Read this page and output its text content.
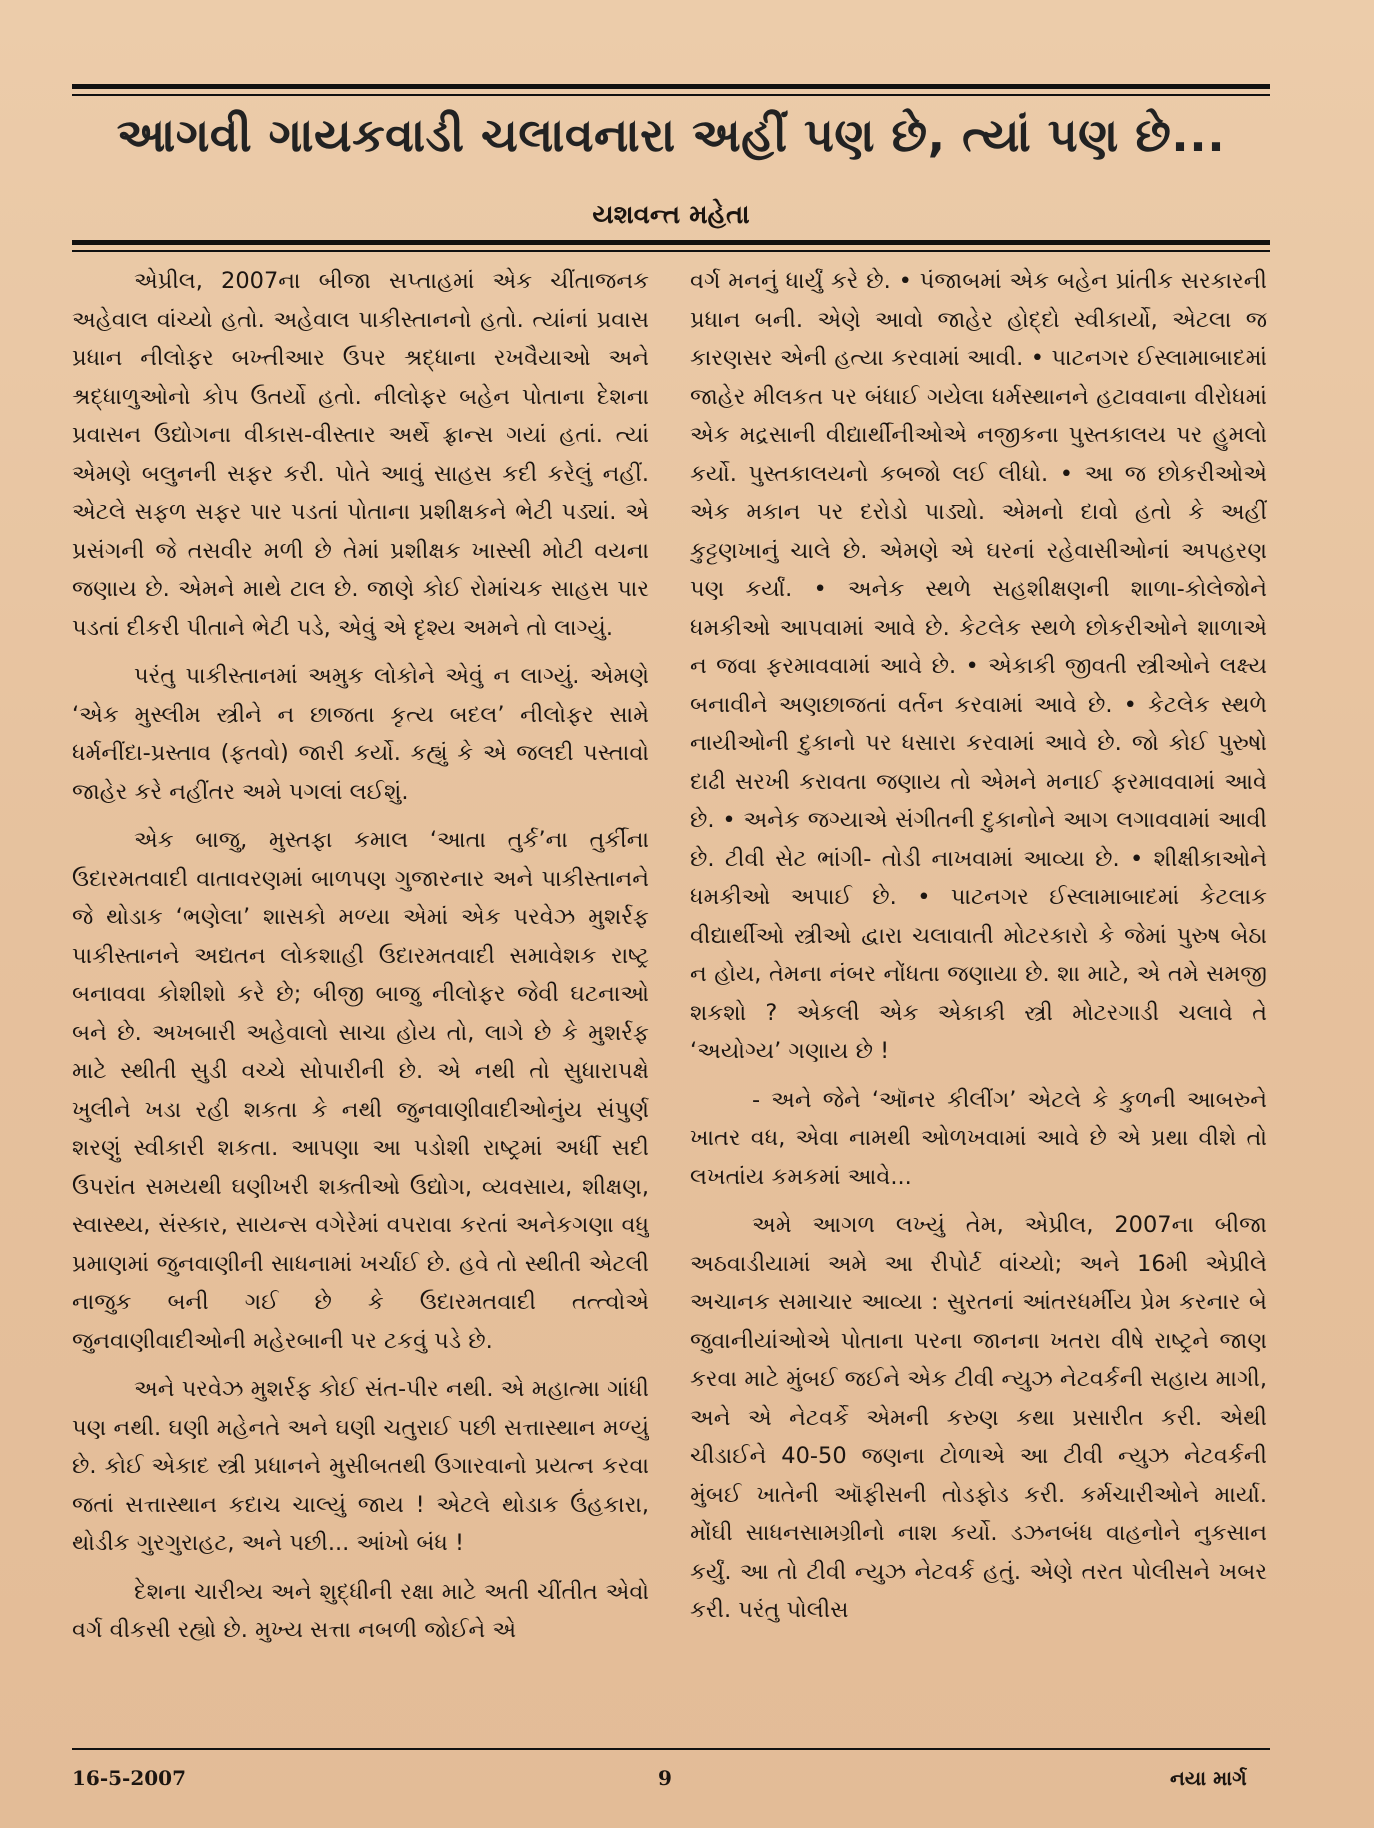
આગવી ગાયકવાડી ચલાવનારા અહીં પણ છે, ત્યાં પણ છે...

યશવન્ત મહેતા

એપ્રીલ, 2007ના બીજા સપ્તાહમાં એક ચીંતાજનક અહેવાલ વાંચ્યો હતો. અહેવાલ પાકીસ્તાનનો હતો. ત્યાંનાં પ્રવાસ પ્રધાન નીલોફર બખ્તીઆર ઉપર શ્રદ્ધાના રખવૈયાઓ અને શ્રદ્ધાળુઓનો કોપ ઉતર્યો હતો. નીલોફર બહેન પોતાના દેશના પ્રવાસન ઉદ્યોગના વીકાસ-વીસ્તાર અર્થે ફ્રાન્સ ગયાં હતાં. ત્યાં એમણે બલુનની સફર કરી. પોતે આવું સાહસ કદી કરેલું નહીં. એટલે સફળ સફર પાર પડતાં પોતાના પ્રશીક્ષકને ભેટી પડ્યાં. એ પ્રસંગની જે તસવીર મળી છે તેમાં પ્રશીક્ષક ખાસ્સી મોટી વયના જણાય છે. એમને માથે ટાલ છે. જાણે કોઈ રોમાંચક સાહસ પાર પડતાં દીકરી પીતાને ભેટી પડે, એવું એ દૃશ્ય અમને તો લાગ્યું.

પરંતુ પાકીસ્તાનમાં અમુક લોકોને એવું ન લાગ્યું. એમણે ‘એક મુસ્લીમ સ્ત્રીને ન છાજતા કૃત્ય બદલ’ નીલોફર સામે ધર્મનીંદા-પ્રસ્તાવ (ફતવો) જારી કર્યો. કહ્યું કે એ જલદી પસ્તાવો જાહેર કરે નહીંતર અમે પગલાં લઈશું.

એક બાજુ, મુસ્તફા કમાલ ‘આતા તુર્ક’ના તુર્કીના ઉદારમતવાદી વાતાવરણમાં બાળપણ ગુજારનાર અને પાકીસ્તાનને જે થોડાક ‘ભણેલા’ શાસકો મળ્યા એમાં એક પરવેઝ મુશર્રફ પાકીસ્તાનને અદ્યતન લોકશાહી ઉદારમતવાદી સમાવેશક રાષ્ટ્ર બનાવવા કોશીશો કરે છે; બીજી બાજુ નીલોફર જેવી ઘટનાઓ બને છે. અખબારી અહેવાલો સાચા હોય તો, લાગે છે કે મુશર્રફ માટે સ્થીતી સુડી વચ્ચે સોપારીની છે. એ નથી તો સુધારાપક્ષે ખુલીને ખડા રહી શકતા કે નથી જુનવાણીવાદીઓનુંય સંપુર્ણ શરણું સ્વીકારી શકતા. આપણા આ પડોશી રાષ્ટ્રમાં અર્ધી સદી ઉપરાંત સમયથી ઘણીખરી શક્તીઓ ઉદ્યોગ, વ્યવસાય, શીક્ષણ, સ્વાસ્થ્ય, સંસ્કાર, સાયન્સ વગેરેમાં વપરાવા કરતાં અનેકગણા વધુ પ્રમાણમાં જુનવાણીની સાધનામાં ખર્ચાઈ છે. હવે તો સ્થીતી એટલી નાજુક બની ગઈ છે કે ઉદારમતવાદી તત્ત્વોએ જુનવાણીવાદીઓની મહેરબાની પર ટકવું પડે છે.

અને પરવેઝ મુશર્રફ કોઈ સંત-પીર નથી. એ મહાત્મા ગાંધી પણ નથી. ઘણી મહેનતે અને ઘણી ચતુરાઈ પછી સત્તાસ્થાન મળ્યું છે. કોઈ એકાદ સ્ત્રી પ્રધાનને મુસીબતથી ઉગારવાનો પ્રયત્ન કરવા જતાં સત્તાસ્થાન કદાચ ચાલ્યું જાય ! એટલે થોડાક ઉંહકારા, થોડીક ગુરગુરાહટ, અને પછી... આંખો બંધ !

દેશના ચારીત્ર્ય અને શુદ્ધીની રક્ષા માટે અતી ચીંતીત એવો વર્ગ વીકસી રહ્યો છે. મુખ્ય સત્તા નબળી જોઈને એ

વર્ગ મનનું ધાર્યું કરે છે. • પંજાબમાં એક બહેન પ્રાંતીક સરકારની પ્રધાન બની. એણે આવો જાહેર હોદ્દો સ્વીકાર્યો, એટલા જ કારણસર એની હત્યા કરવામાં આવી. • પાટનગર ઈસ્લામાબાદમાં જાહેર મીલકત પર બંધાઈ ગયેલા ધર્મસ્થાનને હટાવવાના વીરોધમાં એક મદ્રસાની વીદ્યાર્થીનીઓએ નજીકના પુસ્તકાલય પર હુમલો કર્યો. પુસ્તકાલયનો કબજો લઈ લીધો. • આ જ છોકરીઓએ એક મકાન પર દરોડો પાડ્યો. એમનો દાવો હતો કે અહીં કુટ્ટણખાનું ચાલે છે. એમણે એ ઘરનાં રહેવાસીઓનાં અપહરણ પણ કર્યાં. • અનેક સ્થળે સહશીક્ષણની શાળા-કોલેજોને ધમકીઓ આપવામાં આવે છે. કેટલેક સ્થળે છોકરીઓને શાળાએ ન જવા ફરમાવવામાં આવે છે. • એકાકી જીવતી સ્ત્રીઓને લક્ષ્ય બનાવીને અણછાજતાં વર્તન કરવામાં આવે છે. • કેટલેક સ્થળે નાયીઓની દુકાનો પર ધસારા કરવામાં આવે છે. જો કોઈ પુરુષો દાઢી સરખી કરાવતા જણાય તો એમને મનાઈ ફરમાવવામાં આવે છે. • અનેક જગ્યાએ સંગીતની દુકાનોને આગ લગાવવામાં આવી છે. ટીવી સેટ ભાંગી- તોડી નાખવામાં આવ્યા છે. • શીક્ષીકાઓને ધમકીઓ અપાઈ છે. • પાટનગર ઈસ્લામાબાદમાં કેટલાક વીદ્યાર્થીઓ સ્ત્રીઓ દ્વારા ચલાવાતી મોટરકારો કે જેમાં પુરુષ બેઠા ન હોય, તેમના નંબર નોંધતા જણાયા છે. શા માટે, એ તમે સમજી શકશો ? એકલી એક એકાકી સ્ત્રી મોટરગાડી ચલાવે તે ‘અયોગ્ય’ ગણાય છે !

- અને જેને ‘ઑનર કીલીંગ’ એટલે કે કુળની આબરુને ખાતર વધ, એવા નામથી ઓળખવામાં આવે છે એ પ્રથા વીશે તો લખતાંય કમકમાં આવે...

અમે આગળ લખ્યું તેમ, એપ્રીલ, 2007ના બીજા અઠવાડીયામાં અમે આ રીપોર્ટ વાંચ્યો; અને 16મી એપ્રીલે અચાનક સમાચાર આવ્યા : સુરતનાં આંતરધર્મીય પ્રેમ કરનાર બે જુવાનીયાંઓએ પોતાના પરના જાનના ખતરા વીષે રાષ્ટ્રને જાણ કરવા માટે મુંબઈ જઈને એક ટીવી ન્યુઝ નેટવર્કની સહાય માગી, અને એ નેટવર્કે એમની કરુણ કથા પ્રસારીત કરી. એથી ચીડાઈને 40-50 જણના ટોળાએ આ ટીવી ન્યુઝ નેટવર્કની મુંબઈ ખાતેની ઑફીસની તોડફોડ કરી. કર્મચારીઓને માર્યા. મોંઘી સાધનસામગ્રીનો નાશ કર્યો. ડઝનબંધ વાહનોને નુકસાન કર્યું. આ તો ટીવી ન્યુઝ નેટવર્ક હતું. એણે તરત પોલીસને ખબર કરી. પરંતુ પોલીસ

16-5-2007	9	નયા માર્ગ
